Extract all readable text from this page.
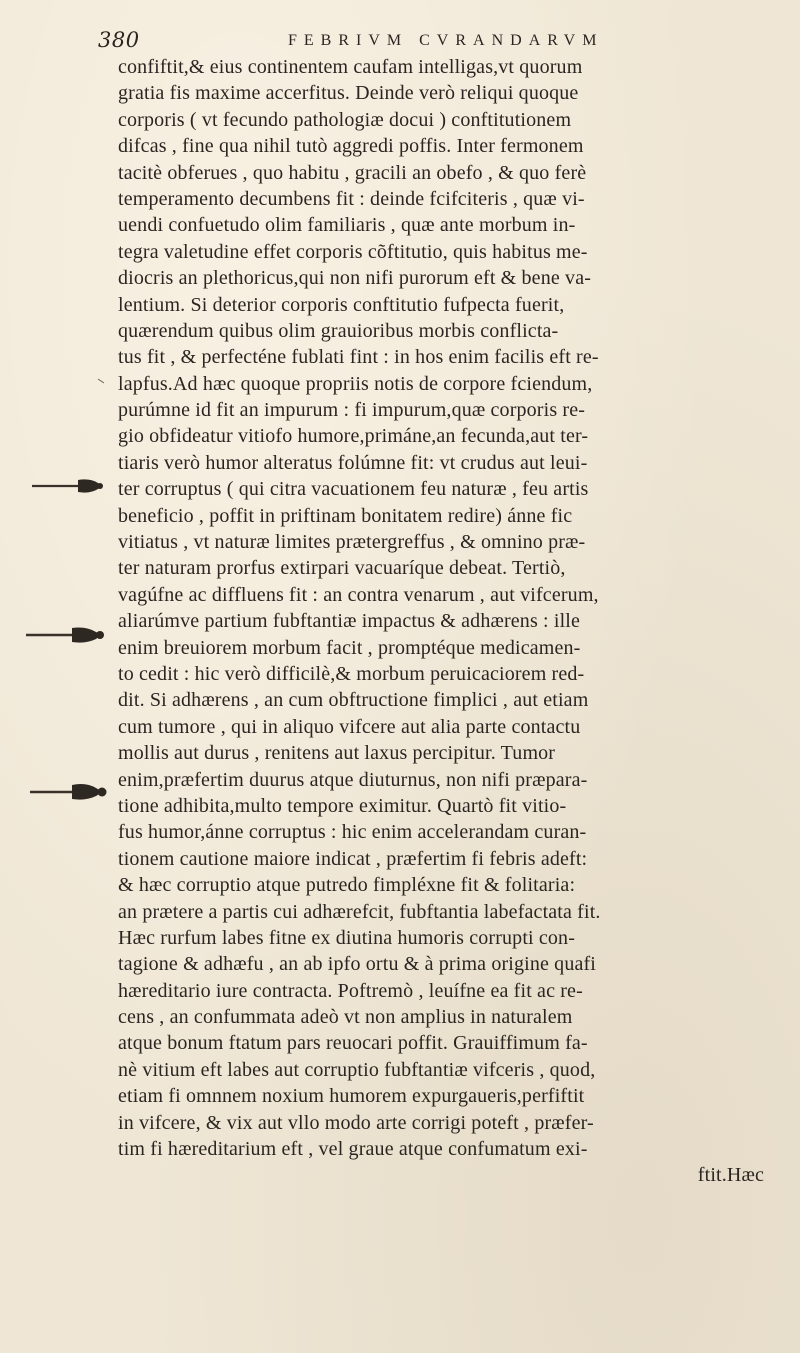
380	FEBRIVM CVRANDARVM
confiftit,& eius continentem caufam intelligas,vt quorum
gratia fis maxime accerfitus. Deinde verò reliqui quoque
corporis ( vt fecundo pathologiæ docui ) conftitutionem
difcas , fine qua nihil tutò aggredi poffis. Inter fermonem
tacitè obferues , quo habitu , gracili an obefo , & quo ferè
temperamento decumbens fit : deinde fcifciteris , quæ vi-
uendi confuetudo olim familiaris , quæ ante morbum in-
tegra valetudine effet corporis cõftitutio, quis habitus me-
diocris an plethoricus,qui non nifi purorum eft & bene va-
lentium. Si deterior corporis conftitutio fufpecta fuerit,
quærendum quibus olim grauioribus morbis conflicta-
tus fit , & perfecténe fublati fint : in hos enim facilis eft re-
lapfus.Ad hæc quoque propriis notis de corpore fciendum,
purúmne id fit an impurum : fi impurum,quæ corporis re-
gio obfideatur vitiofo humore,primáne,an fecunda,aut ter-
tiaris verò humor alteratus folúmne fit: vt crudus aut leui-
ter corruptus ( qui citra vacuationem feu naturæ , feu artis
beneficio , poffit in priftinam bonitatem redire) ánne fic
vitiatus , vt naturæ limites prætergreffus , & omnino præ-
ter naturam prorfus extirpari vacuaríque debeat. Tertiò,
vagúfne ac diffluens fit : an contra venarum , aut vifcerum,
aliarúmve partium fubftantiæ impactus & adhærens : ille
enim breuiorem morbum facit , promptéque medicamen-
to cedit : hic verò difficilè,& morbum peruicaciorem red-
dit. Si adhærens , an cum obftructione fimplici , aut etiam
cum tumore , qui in aliquo vifcere aut alia parte contactu
mollis aut durus , renitens aut laxus percipitur. Tumor
enim,præfertim duurus atque diuturnus, non nifi præpara-
tione adhibita,multo tempore eximitur. Quartò fit vitio-
fus humor,ánne corruptus : hic enim accelerandam curan-
tionem cautione maiore indicat , præfertim fi febris adeft:
& hæc corruptio atque putredo fimpléxne fit & folitaria:
an prætere a partis cui adhærefcit, fubftantia labefactata fit.
Hæc rurfum labes fitne ex diutina humoris corrupti con-
tagione & adhæfu , an ab ipfo ortu & à prima origine quafi
hæreditario iure contracta. Poftremò , leuífne ea fit ac re-
cens , an confummata adeò vt non amplius in naturalem
atque bonum ftatum pars reuocari poffit. Grauiffimum fa-
nè vitium eft labes aut corruptio fubftantiæ vifceris , quod,
etiam fi omnnem noxium humorem expurgaueris,perfiftit
in vifcere, & vix aut vllo modo arte corrigi poteft , præfer-
tim fi hæreditarium eft , vel graue atque confumatum exi-
ftit.Hæc
